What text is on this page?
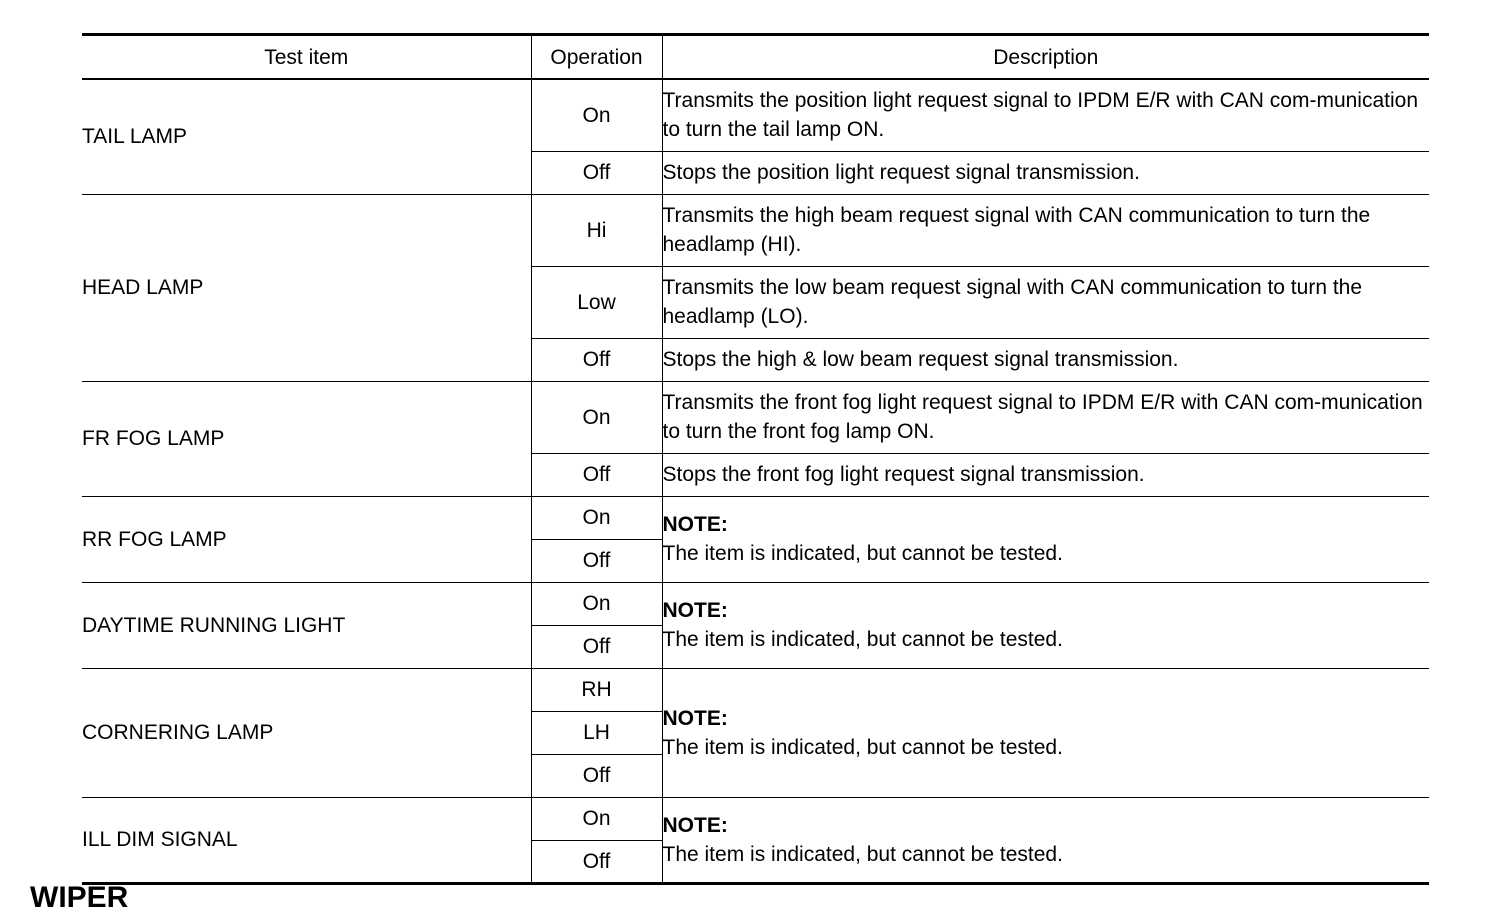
Test item	Operation	Description
TAIL LAMP	On	Transmits the position light request signal to IPDM E/R with CAN com-munication to turn the tail lamp ON.
	Off	Stops the position light request signal transmission.
HEAD LAMP	Hi	Transmits the high beam request signal with CAN communication to turn the headlamp (HI).
	Low	Transmits the low beam request signal with CAN communication to turn the headlamp (LO).
	Off	Stops the high & low beam request signal transmission.
FR FOG LAMP	On	Transmits the front fog light request signal to IPDM E/R with CAN com-munication to turn the front fog lamp ON.
	Off	Stops the front fog light request signal transmission.
RR FOG LAMP	On	NOTE:
The item is indicated, but cannot be tested.

	Off	
DAYTIME RUNNING LIGHT	On	NOTE:
The item is indicated, but cannot be tested.

	Off	
CORNERING LAMP	RH	NOTE:
The item is indicated, but cannot be tested.

	LH	
	Off	
ILL DIM SIGNAL	On	NOTE:
The item is indicated, but cannot be tested.

	Off	
WIPER
